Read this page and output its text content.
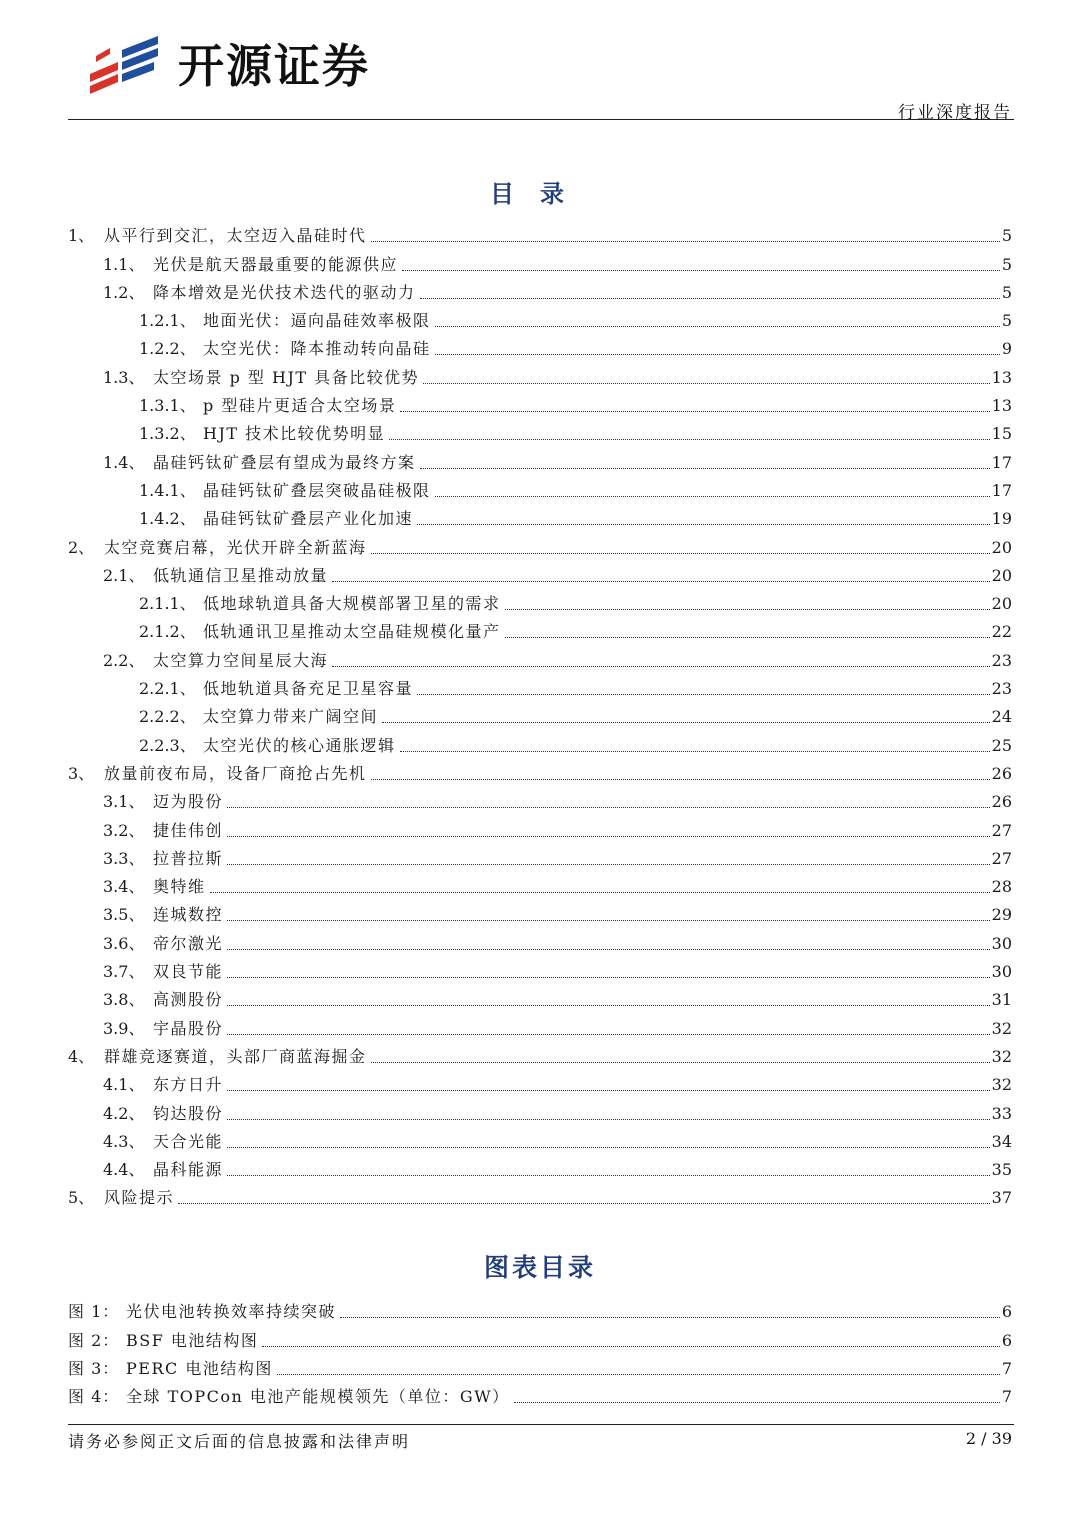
开源证券
行业深度报告
目录
1、 从平行到交汇，太空迈入晶硅时代	5
1.1、 光伏是航天器最重要的能源供应	5
1.2、 降本增效是光伏技术迭代的驱动力	5
1.2.1、 地面光伏：逼向晶硅效率极限	5
1.2.2、 太空光伏：降本推动转向晶硅	9
1.3、 太空场景 p 型 HJT 具备比较优势	13
1.3.1、 p 型硅片更适合太空场景	13
1.3.2、 HJT 技术比较优势明显	15
1.4、 晶硅钙钛矿叠层有望成为最终方案	17
1.4.1、 晶硅钙钛矿叠层突破晶硅极限	17
1.4.2、 晶硅钙钛矿叠层产业化加速	19
2、 太空竞赛启幕，光伏开辟全新蓝海	20
2.1、 低轨通信卫星推动放量	20
2.1.1、 低地球轨道具备大规模部署卫星的需求	20
2.1.2、 低轨通讯卫星推动太空晶硅规模化量产	22
2.2、 太空算力空间星辰大海	23
2.2.1、 低地轨道具备充足卫星容量	23
2.2.2、 太空算力带来广阔空间	24
2.2.3、 太空光伏的核心通胀逻辑	25
3、 放量前夜布局，设备厂商抢占先机	26
3.1、 迈为股份	26
3.2、 捷佳伟创	27
3.3、 拉普拉斯	27
3.4、 奥特维	28
3.5、 连城数控	29
3.6、 帝尔激光	30
3.7、 双良节能	30
3.8、 高测股份	31
3.9、 宇晶股份	32
4、 群雄竞逐赛道，头部厂商蓝海掘金	32
4.1、 东方日升	32
4.2、 钧达股份	33
4.3、 天合光能	34
4.4、 晶科能源	35
5、 风险提示	37
图表目录
图 1： 光伏电池转换效率持续突破	6
图 2： BSF 电池结构图	6
图 3： PERC 电池结构图	7
图 4： 全球 TOPCon 电池产能规模领先（单位：GW）	7
请务必参阅正文后面的信息披露和法律声明	2 / 39
